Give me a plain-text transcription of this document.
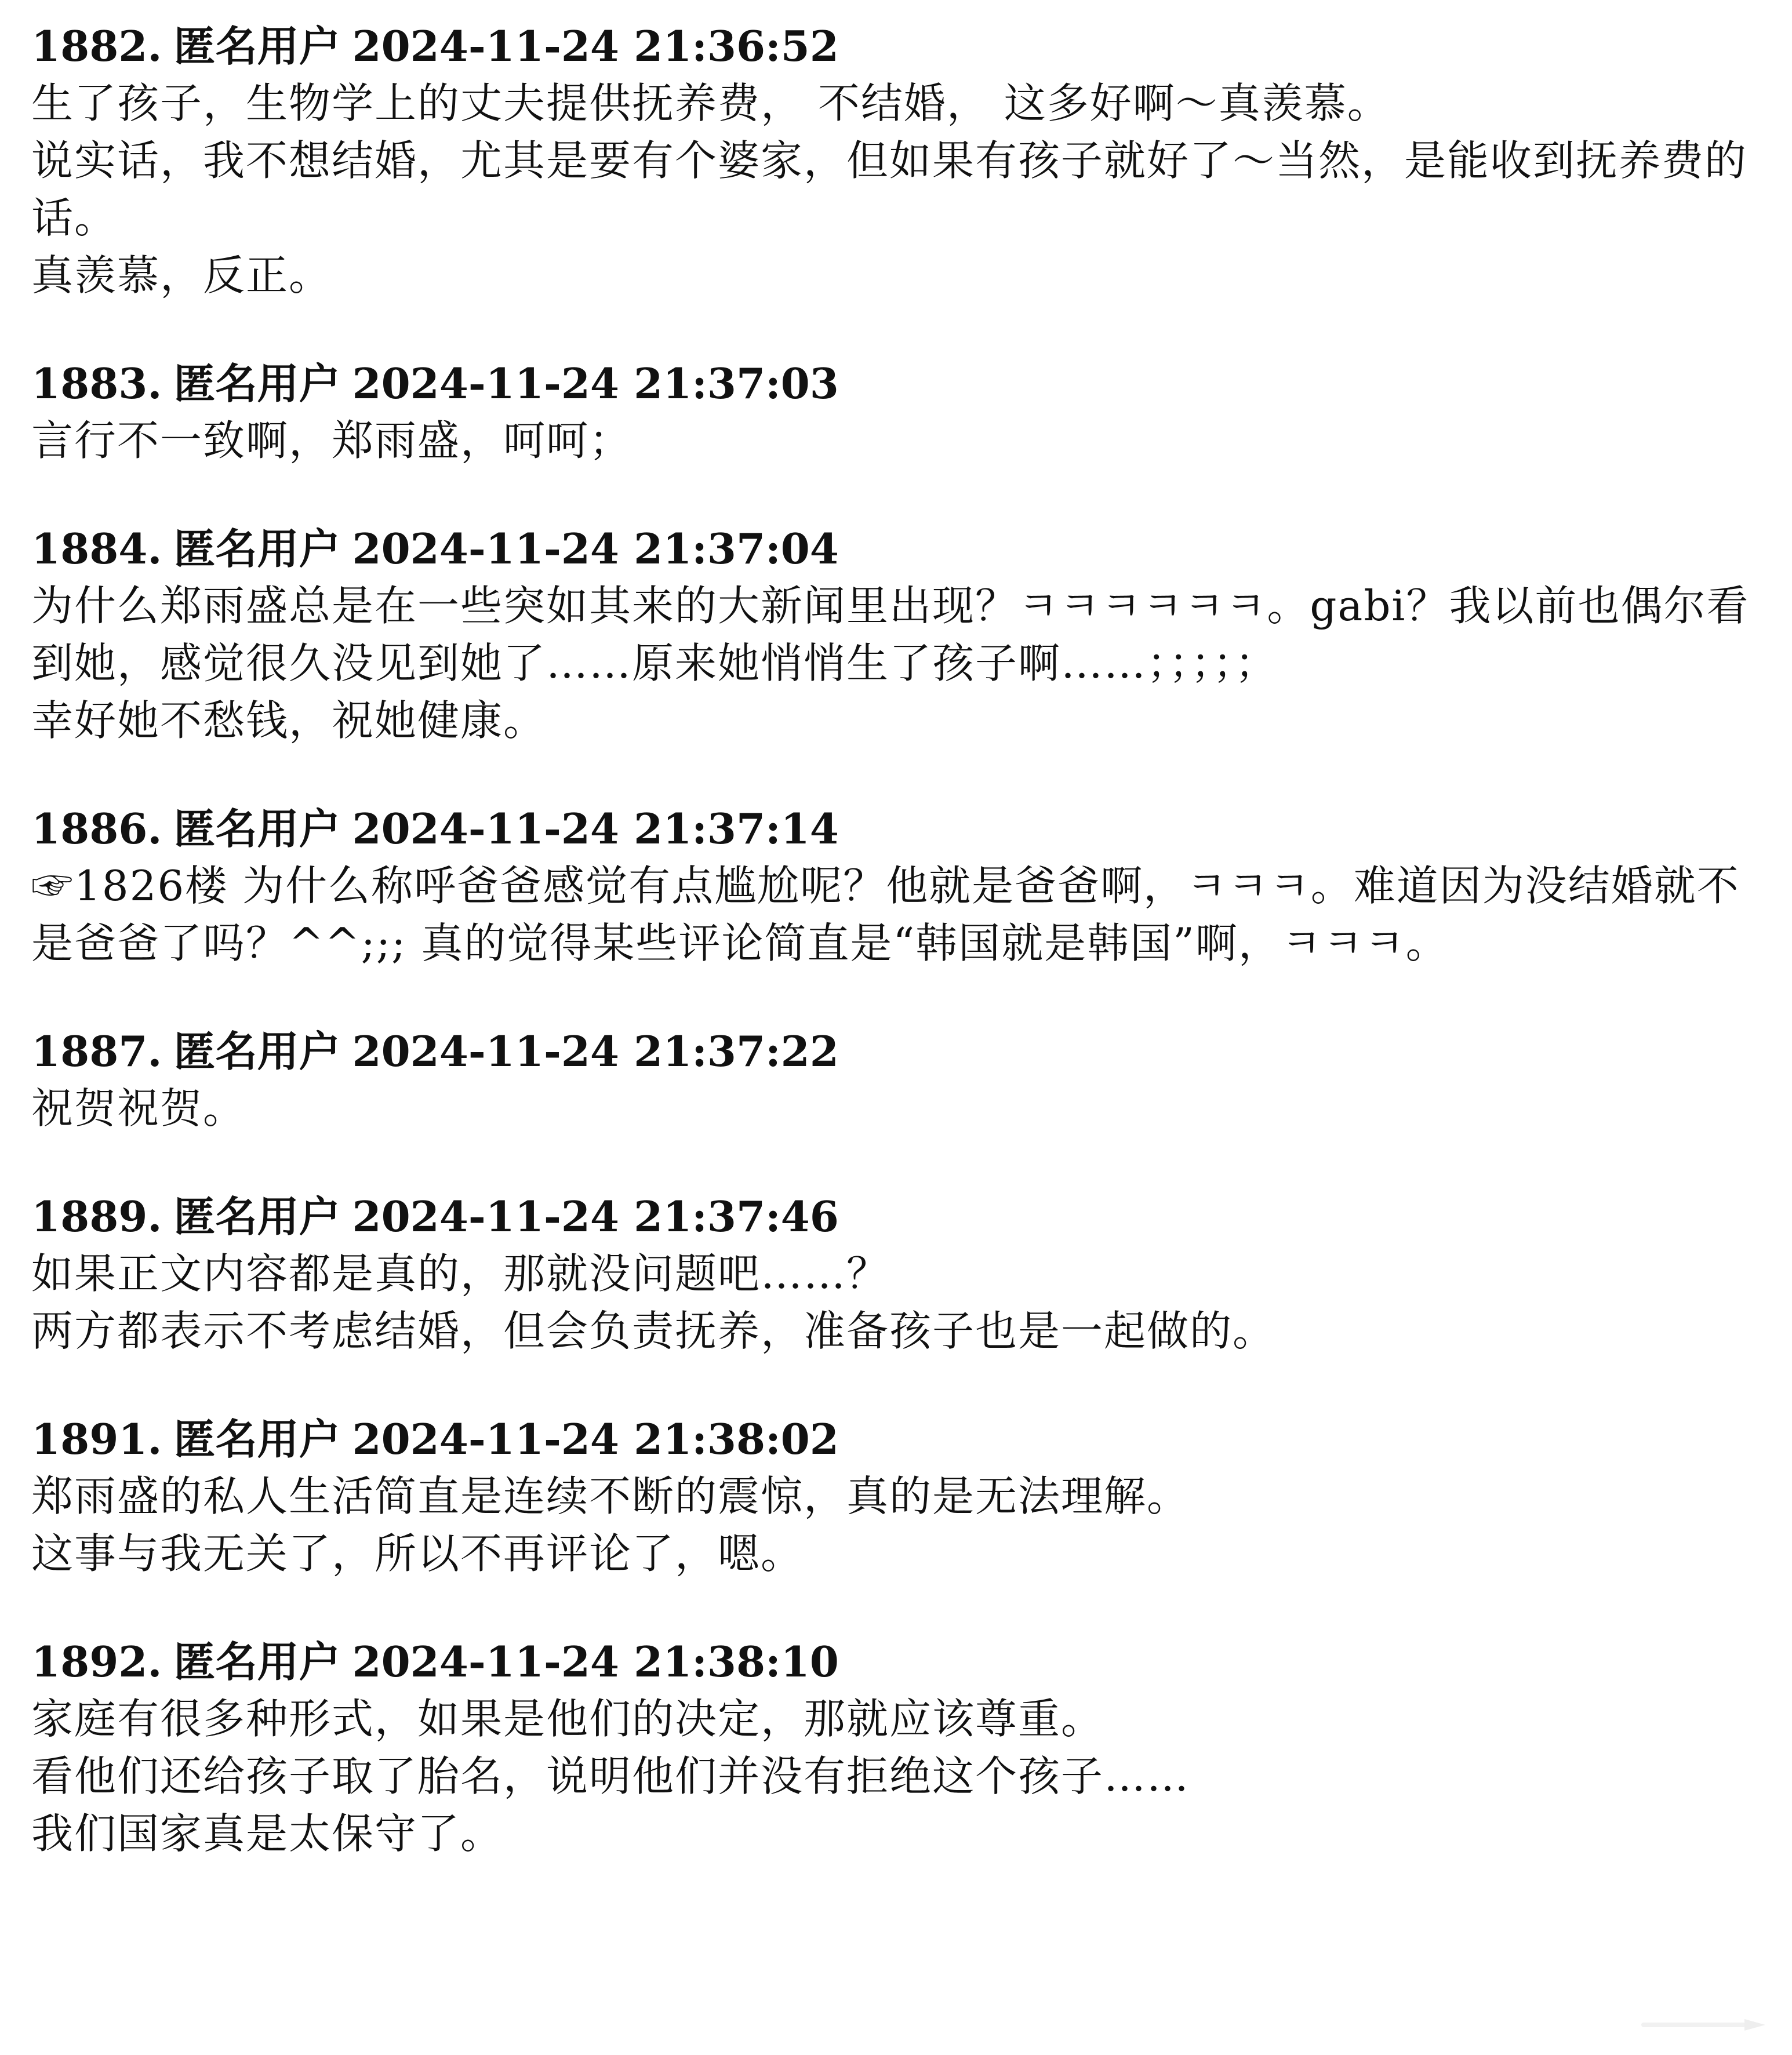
1882. 匿名用户 2024-11-24 21:36:52
生了孩子，生物学上的丈夫提供抚养费， 不结婚， 这多好啊～真羡慕。
说实话，我不想结婚，尤其是要有个婆家，但如果有孩子就好了～当然，是能收到抚养费的话。
真羡慕，反正。
1883. 匿名用户 2024-11-24 21:37:03
言行不一致啊，郑雨盛，呵呵；
1884. 匿名用户 2024-11-24 21:37:04
为什么郑雨盛总是在一些突如其来的大新闻里出现？ㅋㅋㅋㅋㅋㅋ。gabi？我以前也偶尔看到她，感觉很久没见到她了……原来她悄悄生了孩子啊……；；；；；
幸好她不愁钱，祝她健康。
1886. 匿名用户 2024-11-24 21:37:14
☞1826楼 为什么称呼爸爸感觉有点尴尬呢？他就是爸爸啊，ㅋㅋㅋ。难道因为没结婚就不是爸爸了吗？^^;;; 真的觉得某些评论简直是“韩国就是韩国”啊，ㅋㅋㅋ。
1887. 匿名用户 2024-11-24 21:37:22
祝贺祝贺。
1889. 匿名用户 2024-11-24 21:37:46
如果正文内容都是真的，那就没问题吧……？
两方都表示不考虑结婚，但会负责抚养，准备孩子也是一起做的。
1891. 匿名用户 2024-11-24 21:38:02
郑雨盛的私人生活简直是连续不断的震惊，真的是无法理解。
这事与我无关了，所以不再评论了，嗯。
1892. 匿名用户 2024-11-24 21:38:10
家庭有很多种形式，如果是他们的决定，那就应该尊重。
看他们还给孩子取了胎名，说明他们并没有拒绝这个孩子……
我们国家真是太保守了。
